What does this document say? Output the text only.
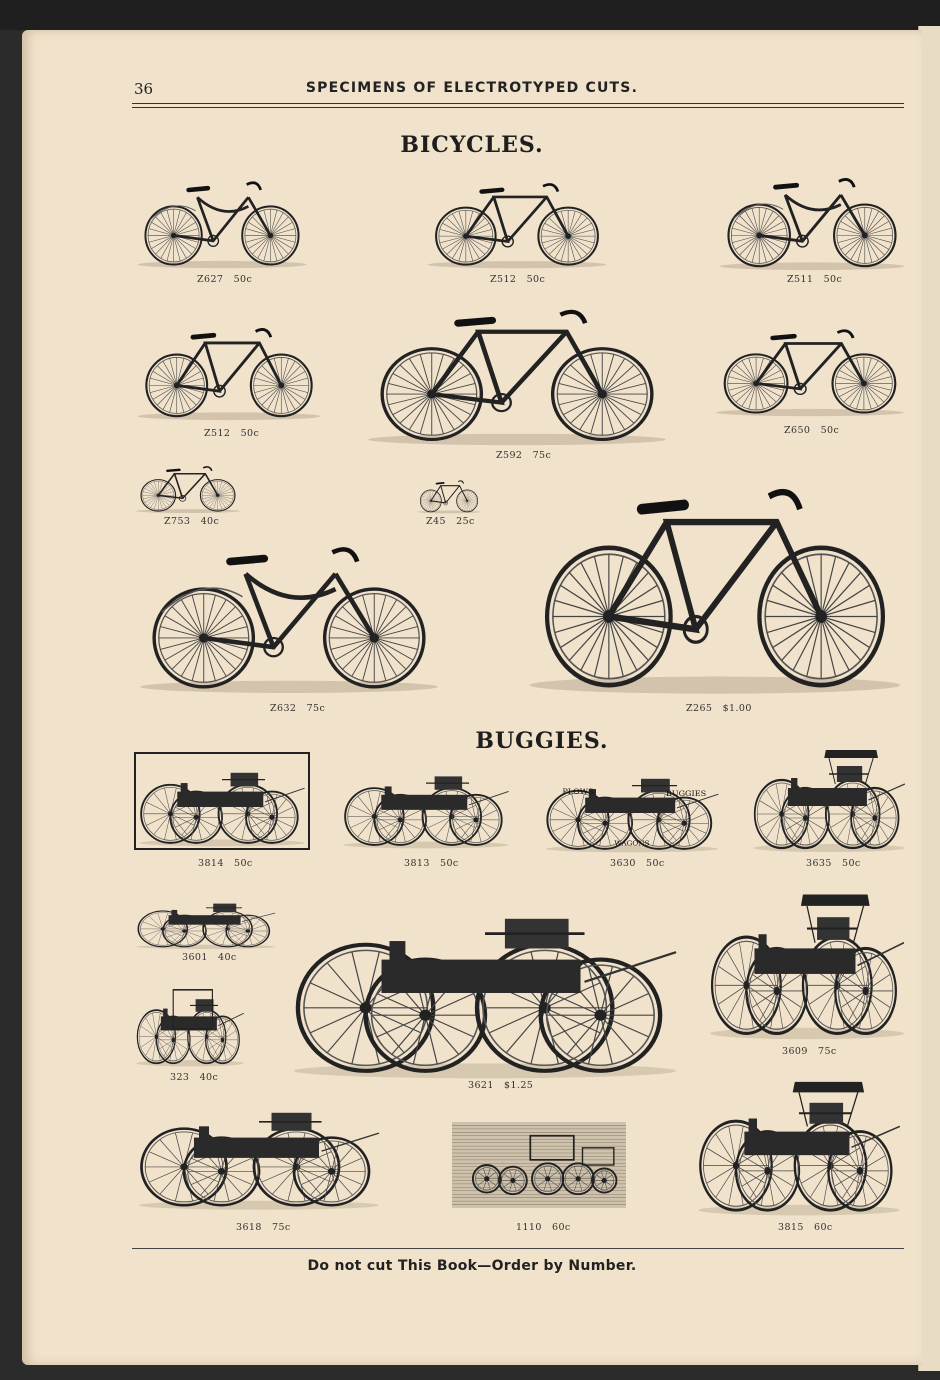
36	SPECIMENS OF ELECTROTYPED CUTS.
BICYCLES.
Z627 50c	Z512 50c	Z511 50c
Z512 50c
Z592 75c
Z650 50c
Z753 40c	Z45 25c
Z632 75c	Z265 $1.00
BUGGIES.
3814 50c	3813 50c
PLOWS	BUGGIES
WAGONS
3630 50c	3635 50c
3601 40c
3621 $1.25
3609 75c
323 40c
3618 75c	1110 60c	3815 60c
Do not cut This Book—Order by Number.
